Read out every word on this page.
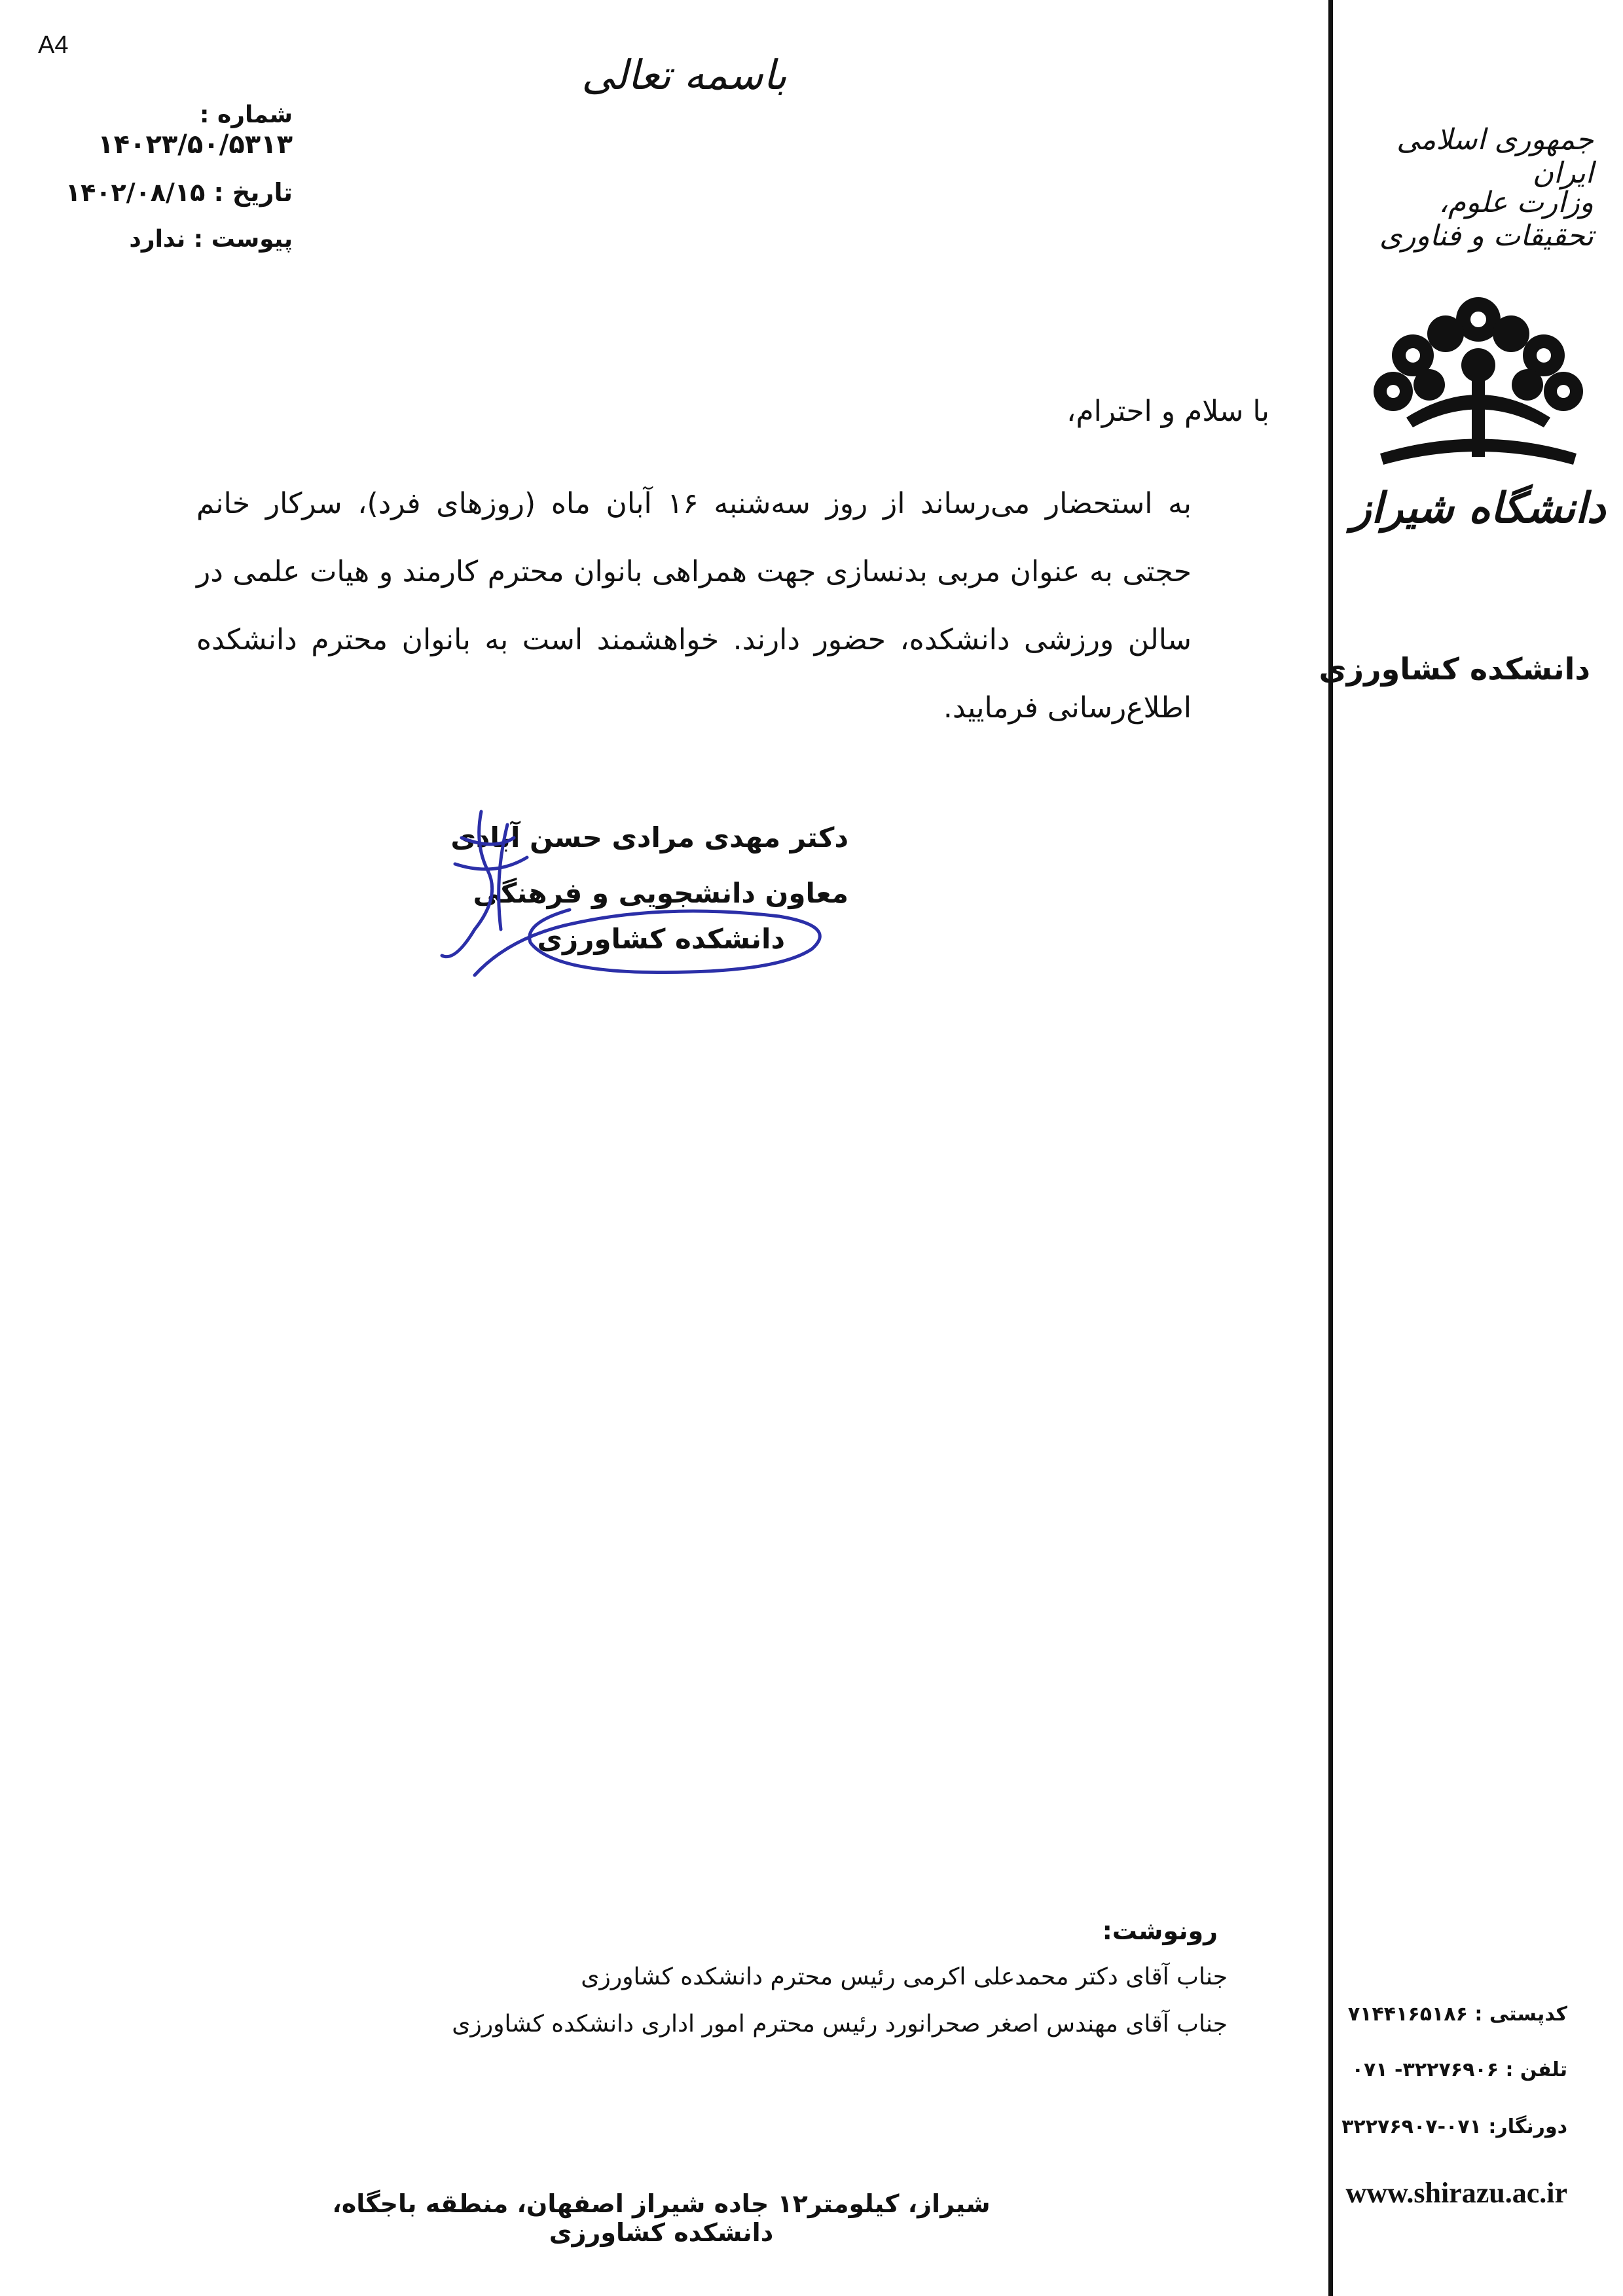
A4
باسمه تعالی
شماره :
۱۴۰۲۳/۵۰/۵۳۱۳
تاریخ : ۱۴۰۲/۰۸/۱۵
پیوست : ندارد
جمهوری اسلامی ایران
وزارت علوم، تحقیقات و فناوری
دانشگاه شیراز
دانشکده کشاورزی
کدپستی : ۷۱۴۴۱۶۵۱۸۶
تلفن : ۳۲۲۷۶۹۰۶- ۰۷۱
دورنگار: ۰۷۱-۳۲۲۷۶۹۰۷
www.shirazu.ac.ir
با سلام و احترام،
به استحضار می‌رساند از روز سه‌شنبه ۱۶ آبان ماه (روزهای فرد)، سرکار خانم حجتی به عنوان مربی بدنسازی جهت همراهی بانوان محترم کارمند و هیات علمی در سالن ورزشی دانشکده، حضور دارند. خواهشمند است به بانوان محترم دانشکده اطلاع‌رسانی فرمایید.
دکتر مهدی مرادی حسن آبادی
معاون دانشجویی و فرهنگی
دانشکده کشاورزی
رونوشت:
جناب آقای دکتر محمدعلی اکرمی رئیس محترم دانشکده کشاورزی
جناب آقای مهندس اصغر صحرانورد رئیس محترم امور اداری دانشکده کشاورزی
شیراز، کیلومتر۱۲ جاده شیراز اصفهان، منطقه باجگاه، دانشکده کشاورزی
